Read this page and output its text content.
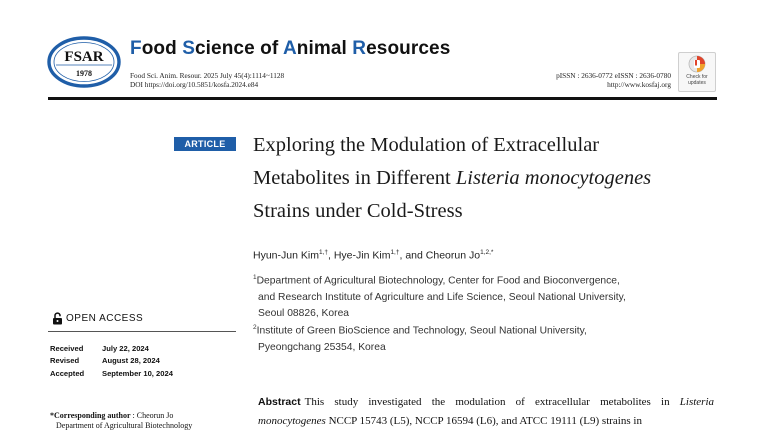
FSAR
1978
Food Science of Animal Resources
Food Sci. Anim. Resour. 2025 July 45(4):1114~1128
DOI https://doi.org/10.5851/kosfa.2024.e84
pISSN : 2636-0772 eISSN : 2636-0780
http://www.kosfaj.org
Check for
updates
ARTICLE	Exploring the Modulation of Extracellular
Metabolites in Different Listeria monocytogenes
Strains under Cold-Stress
Hyun-Jun Kim$^{1,\dagger}$, Hye-Jin Kim$^{1,\dagger}$, and Cheorun $Jo^{1,2,*}$
$^1$Department of Agricultural Biotechnology, Center for Food and Bioconvergence,
and Research Institute of Agriculture and Life Science, Seoul National University,
Seoul 08826, Korea
$^2$Institute of Green BioScience and Technology, Seoul National University,
Pyeongchang 25354, Korea
OPEN ACCESS
Received	July 22, 2024
Revised	August 28, 2024
Accepted	September 10, 2024
*Corresponding author : Cheorun Jo
Department of Agricultural Biotechnology
Abstract This study investigated the modulation of extracellular metabolites in Listeria monocytogenes NCCP 15743 (L5), NCCP 16594 (L6), and ATCC 19111 (L9) strains in
